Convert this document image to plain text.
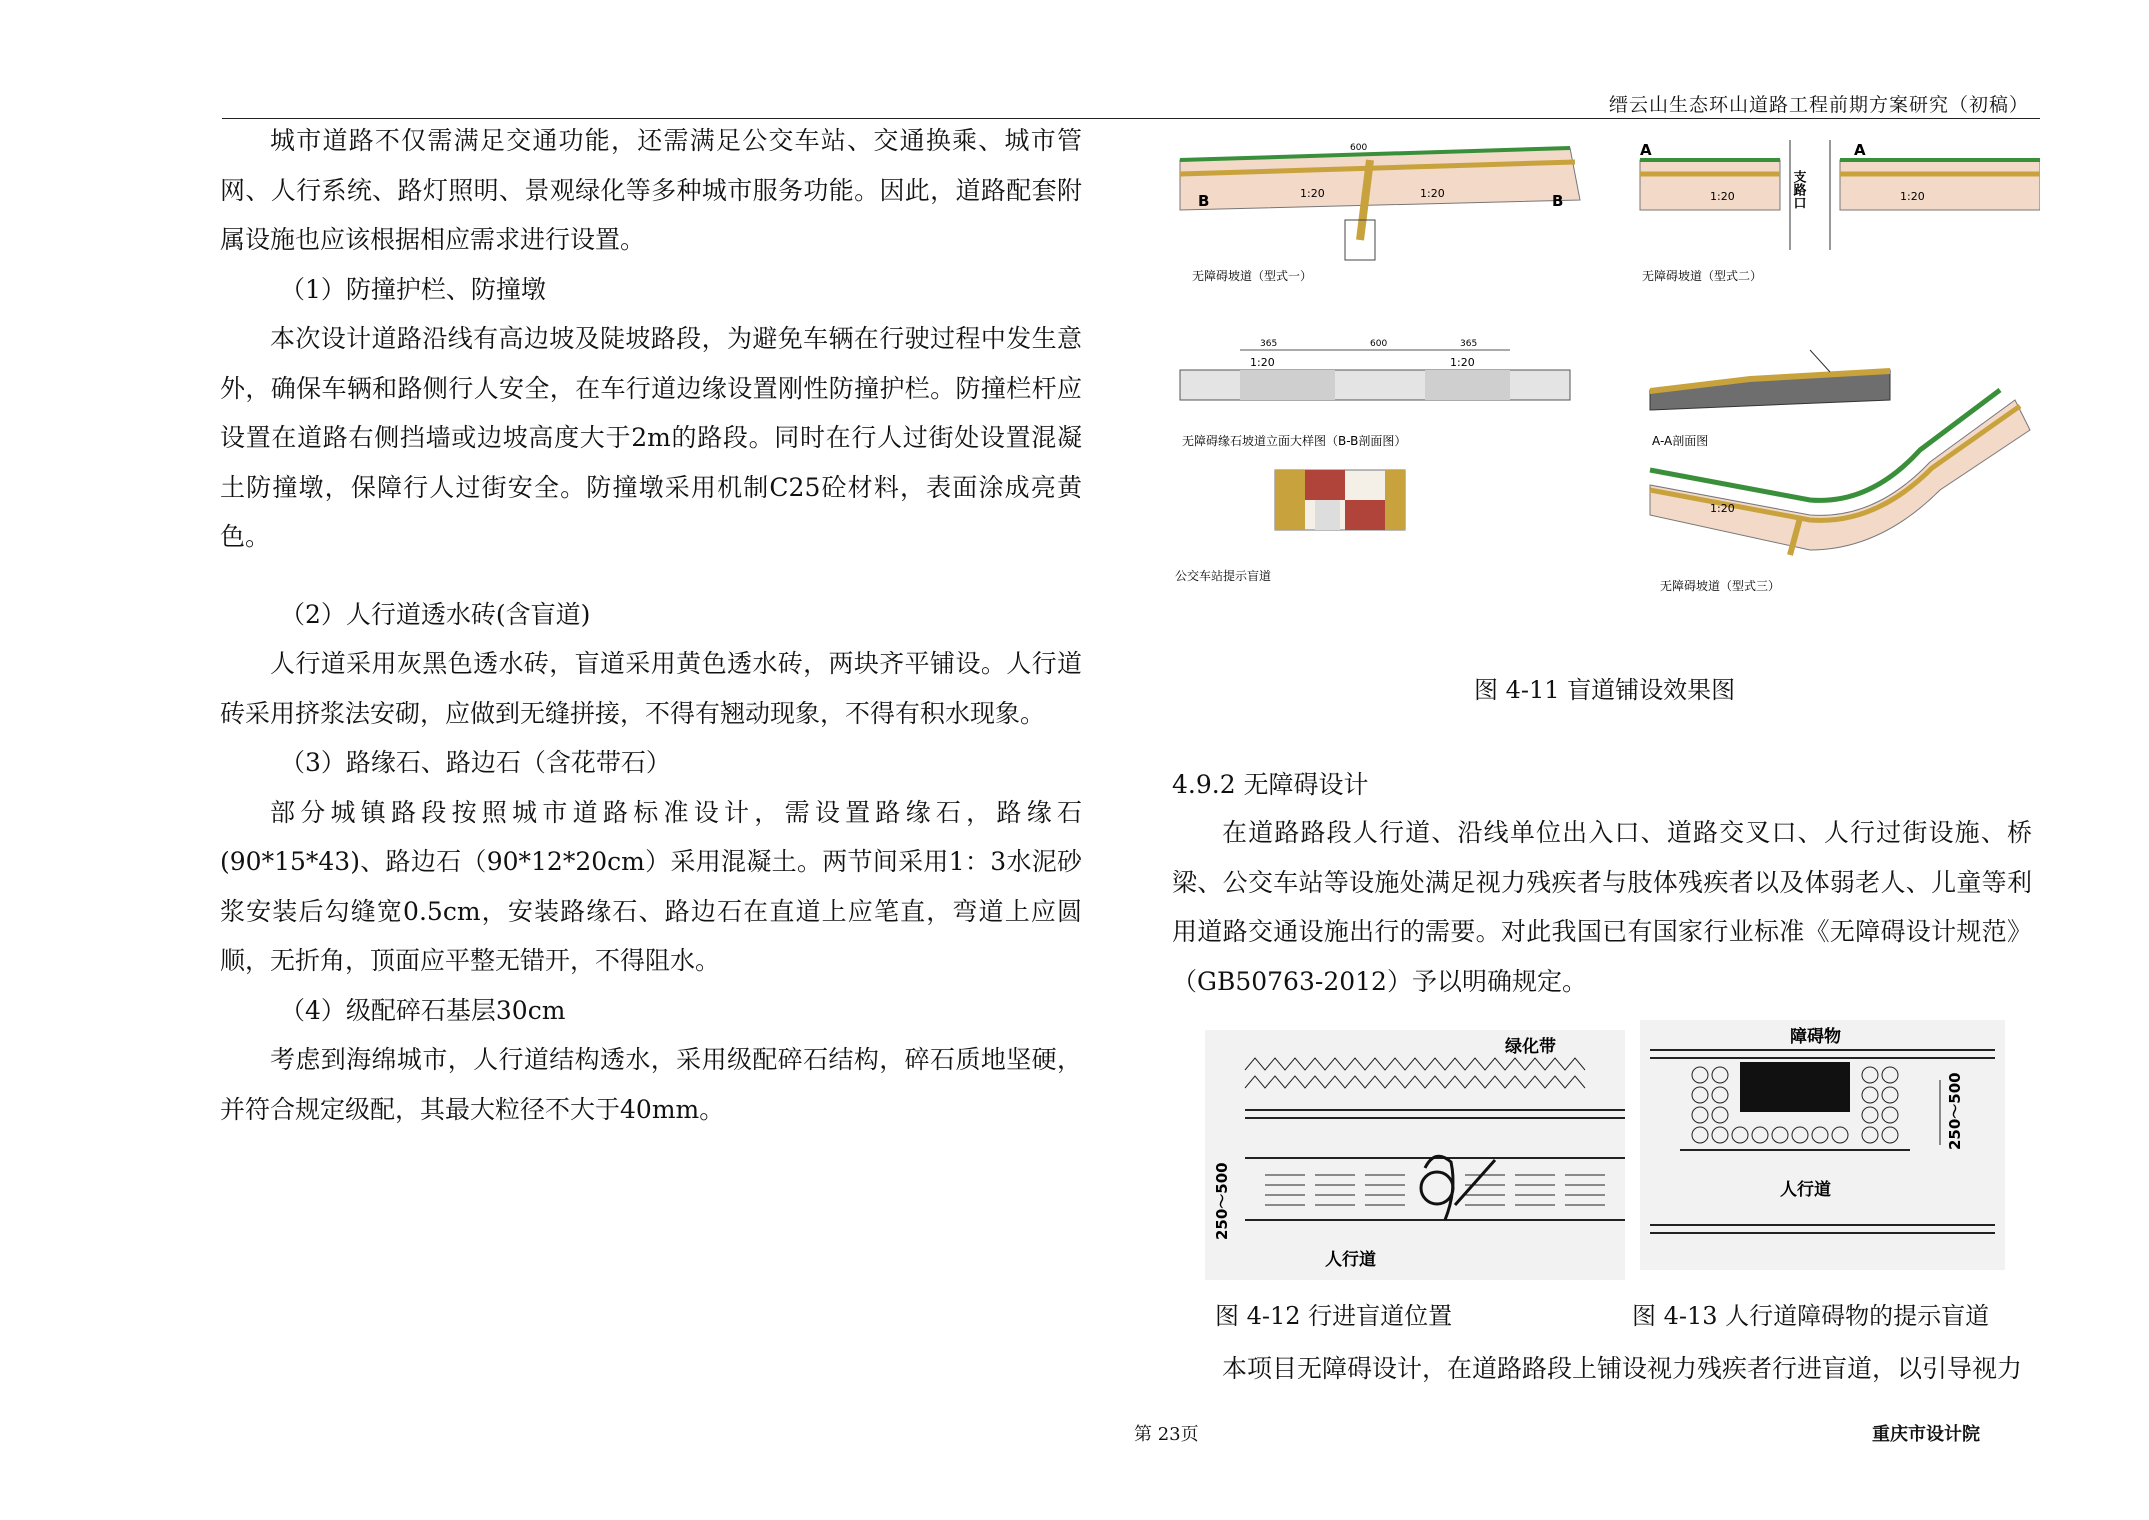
缙云山生态环山道路工程前期方案研究（初稿）

城市道路不仅需满足交通功能，还需满足公交车站、交通换乘、城市管网、人行系统、路灯照明、景观绿化等多种城市服务功能。因此，道路配套附属设施也应该根据相应需求进行设置。

（1）防撞护栏、防撞墩

本次设计道路沿线有高边坡及陡坡路段，为避免车辆在行驶过程中发生意外，确保车辆和路侧行人安全，在车行道边缘设置刚性防撞护栏。防撞栏杆应设置在道路右侧挡墙或边坡高度大于2m的路段。同时在行人过街处设置混凝土防撞墩，保障行人过街安全。防撞墩采用机制C25砼材料，表面涂成亮黄色。

（2）人行道透水砖(含盲道)

人行道采用灰黑色透水砖，盲道采用黄色透水砖，两块齐平铺设。人行道砖采用挤浆法安砌，应做到无缝拼接，不得有翘动现象，不得有积水现象。

（3）路缘石、路边石（含花带石）

部分城镇路段按照城市道路标准设计，需设置路缘石，路缘石(90*15*43)、路边石（90*12*20cm）采用混凝土。两节间采用1：3水泥砂浆安装后勾缝宽0.5cm，安装路缘石、路边石在直道上应笔直，弯道上应圆顺，无折角，顶面应平整无错开，不得阻水。

（4）级配碎石基层30cm

考虑到海绵城市，人行道结构透水，采用级配碎石结构，碎石质地坚硬，并符合规定级配，其最大粒径不大于40mm。

B	B
1:20	1:20
600
无障碍坡道（型式一）
支路口
A	A
1:20	1:20
无障碍坡道（型式二）
365	600	365
1:20	1:20
无障碍缘石坡道立面大样图（B-B剖面图）	A-A剖面图
公交车站提示盲道
1:20
无障碍坡道（型式三）
图 4-11 盲道铺设效果图
4.9.2 无障碍设计

在道路路段人行道、沿线单位出入口、道路交叉口、人行过街设施、桥梁、公交车站等设施处满足视力残疾者与肢体残疾者以及体弱老人、儿童等利用道路交通设施出行的需要。对此我国已有国家行业标准《无障碍设计规范》（GB50763-2012）予以明确规定。

绿化带
人行道
250～500
图 4-12 行进盲道位置
障碍物
人行道
250～500
图 4-13 人行道障碍物的提示盲道
本项目无障碍设计，在道路路段上铺设视力残疾者行进盲道，以引导视力
第 23页	重庆市设计院
